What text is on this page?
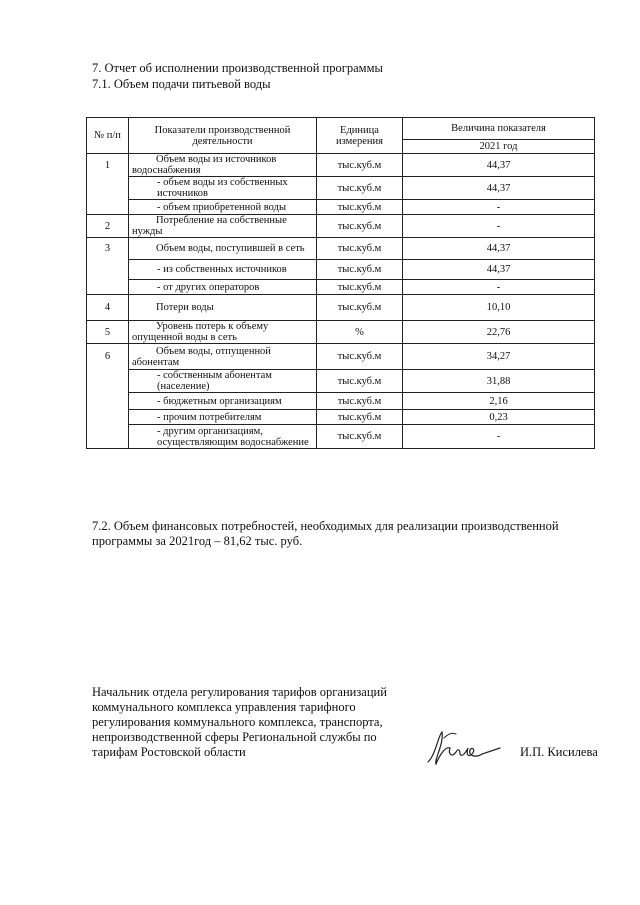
7. Отчет об исполнении производственной программы
7.1. Объем подачи питьевой воды
№ п/п	Показатели производственной деятельности	Единица измерения	Величина показателя
			2021 год
1	Объем воды из источников водоснабжения	тыс.куб.м	44,37
	- объем воды из собственных источников	тыс.куб.м	44,37
	- объем приобретенной воды	тыс.куб.м	-
2	Потребление на собственные нужды	тыс.куб.м	-
3	Объем воды, поступившей в сеть	тыс.куб.м	44,37
	- из собственных источников	тыс.куб.м	44,37
	- от других операторов	тыс.куб.м	-
4	Потери воды	тыс.куб.м	10,10
5	Уровень потерь к объему опущенной воды в сеть	%	22,76
6	Объем воды, отпущенной абонентам	тыс.куб.м	34,27
	- собственным абонентам (население)	тыс.куб.м	31,88
	- бюджетным организациям	тыс.куб.м	2,16
	- прочим потребителям	тыс.куб.м	0,23
	- другим организациям, осуществляющим водоснабжение	тыс.куб.м	-
7.2. Объем финансовых потребностей, необходимых для реализации производственной программы за 2021год – 81,62 тыс. руб.
Начальник отдела регулирования тарифов организаций коммунального комплекса управления тарифного регулирования коммунального комплекса, транспорта, непроизводственной сферы Региональной службы по тарифам Ростовской области	И.П. Кисилева
